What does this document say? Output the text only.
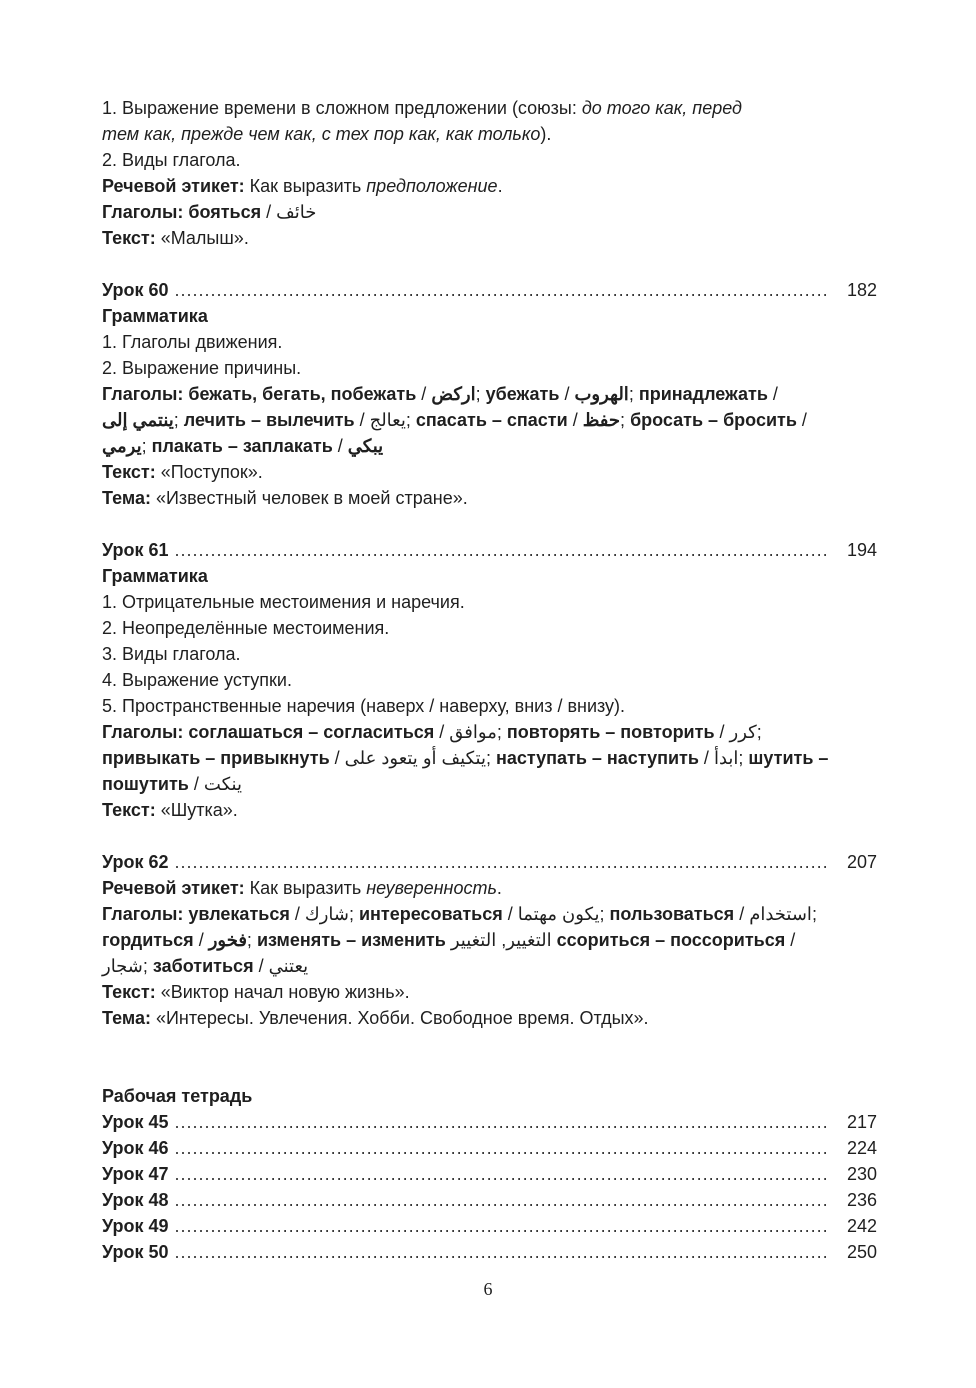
1. Выражение времени в сложном предложении (союзы: до того как, перед
тем как, прежде чем как, с тех пор как, как только).
2. Виды глагола.
Речевой этикет: Как выразить предположение.
Глаголы: бояться / خائف
Текст: «Малыш».
Урок 60 .....	182
Грамматика
1. Глаголы движения.
2. Выражение причины.
Глаголы: бежать, бегать, побежать / اركض; убежать / الهروب; принадлежать /
ينتمي إلى; лечить – вылечить / يعالج; спасать – спасти / حفظ; бросать – бросить /
يرمي; плакать – заплакать / يبكي
Текст: «Поступок».
Тема: «Известный человек в моей стране».
Урок 61 .....	194
Грамматика
1. Отрицательные местоимения и наречия.
2. Неопределённые местоимения.
3. Виды глагола.
4. Выражение уступки.
5. Пространственные наречия (наверх / наверху, вниз / внизу).
Глаголы: соглашаться – согласиться / موافق; повторять – повторить / كرر;
привыкать – привыкнуть / يتكيف أو يتعود على; наступать – наступить / ابدأ; шутить –
пошутить / ينكت
Текст: «Шутка».
Урок 62 .....	207
Речевой этикет: Как выразить неуверенность.
Глаголы: увлекаться / شارك; интересоваться / يكون مهتما; пользоваться / استخدام;
гордиться / فخور; изменять – изменить التغيير, التغيير ссориться – поссориться /
شجار; заботиться / يعتني
Текст: «Виктор начал новую жизнь».
Тема: «Интересы. Увлечения. Хобби. Свободное время. Отдых».
Рабочая тетрадь
Урок 45 .....	217
Урок 46 .....	224
Урок 47 .....	230
Урок 48 .....	236
Урок 49 .....	242
Урок 50 .....	250
6
